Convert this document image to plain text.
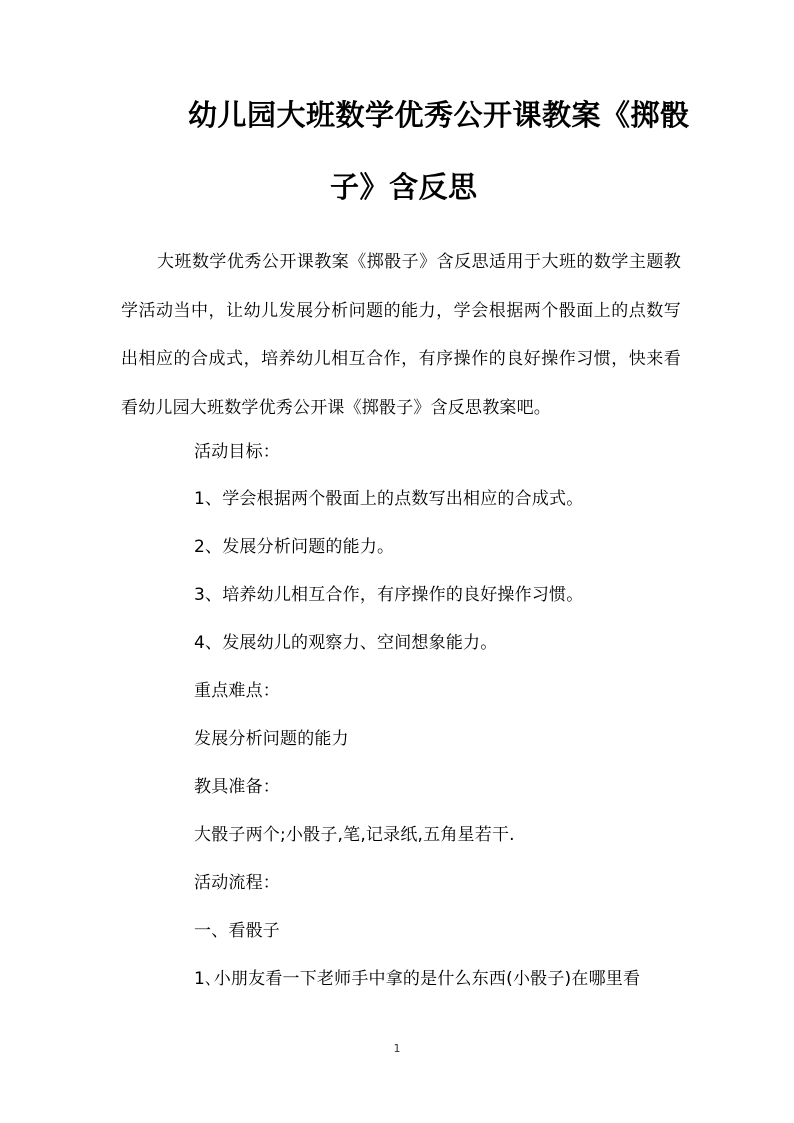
幼儿园大班数学优秀公开课教案《掷骰
子》含反思
大班数学优秀公开课教案《掷骰子》含反思适用于大班的数学主题教学活动当中，让幼儿发展分析问题的能力，学会根据两个骰面上的点数写出相应的合成式，培养幼儿相互合作，有序操作的良好操作习惯，快来看看幼儿园大班数学优秀公开课《掷骰子》含反思教案吧。
活动目标：
1、学会根据两个骰面上的点数写出相应的合成式。
2、发展分析问题的能力。
3、培养幼儿相互合作，有序操作的良好操作习惯。
4、发展幼儿的观察力、空间想象能力。
重点难点：
发展分析问题的能力
教具准备：
大骰子两个;小骰子,笔,记录纸,五角星若干.
活动流程：
一、看骰子
1､小朋友看一下老师手中拿的是什么东西(小骰子)在哪里看
1
